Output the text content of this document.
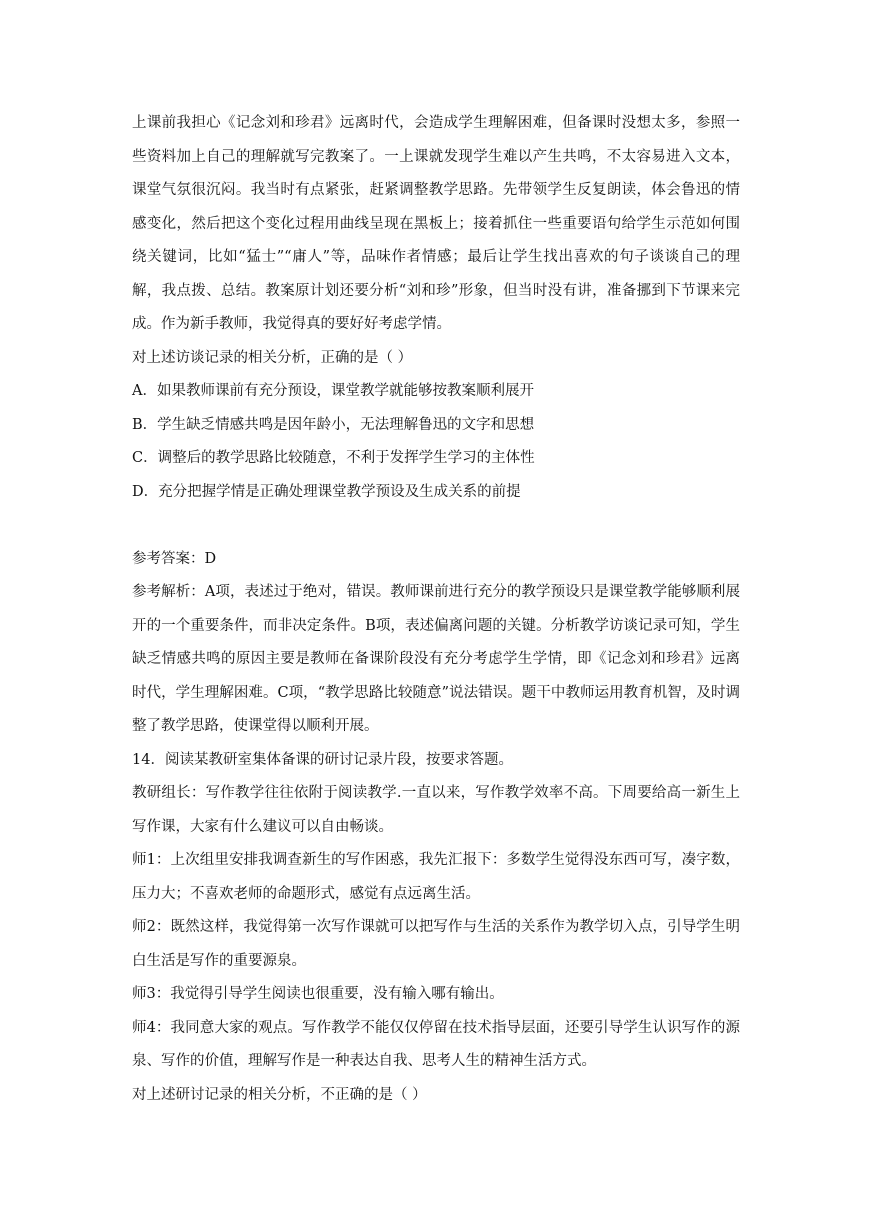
上课前我担心《记念刘和珍君》远离时代，会造成学生理解困难，但备课时没想太多，参照一些资料加上自己的理解就写完教案了。一上课就发现学生难以产生共鸣，不太容易进入文本，课堂气氛很沉闷。我当时有点紧张，赶紧调整教学思路。先带领学生反复朗读，体会鲁迅的情感变化，然后把这个变化过程用曲线呈现在黑板上；接着抓住一些重要语句给学生示范如何围绕关键词，比如“猛士”“庸人”等，品味作者情感；最后让学生找出喜欢的句子谈谈自己的理解，我点拨、总结。教案原计划还要分析“刘和珍”形象，但当时没有讲，准备挪到下节课来完成。作为新手教师，我觉得真的要好好考虑学情。

对上述访谈记录的相关分析，正确的是（ ）

A．如果教师课前有充分预设，课堂教学就能够按教案顺利展开

B．学生缺乏情感共鸣是因年龄小，无法理解鲁迅的文字和思想

C．调整后的教学思路比较随意，不利于发挥学生学习的主体性

D．充分把握学情是正确处理课堂教学预设及生成关系的前提

参考答案：D

参考解析：A项，表述过于绝对，错误。教师课前进行充分的教学预设只是课堂教学能够顺利展开的一个重要条件，而非决定条件。B项，表述偏离问题的关键。分析教学访谈记录可知，学生缺乏情感共鸣的原因主要是教师在备课阶段没有充分考虑学生学情，即《记念刘和珍君》远离时代，学生理解困难。C项，“教学思路比较随意”说法错误。题干中教师运用教育机智，及时调整了教学思路，使课堂得以顺利开展。

14．阅读某教研室集体备课的研讨记录片段，按要求答题。

教研组长：写作教学往往依附于阅读教学.一直以来，写作教学效率不高。下周要给高一新生上写作课，大家有什么建议可以自由畅谈。

师1：上次组里安排我调查新生的写作困惑，我先汇报下：多数学生觉得没东西可写，凑字数，压力大；不喜欢老师的命题形式，感觉有点远离生活。

师2：既然这样，我觉得第一次写作课就可以把写作与生活的关系作为教学切入点，引导学生明白生活是写作的重要源泉。

师3：我觉得引导学生阅读也很重要，没有输入哪有输出。

师4：我同意大家的观点。写作教学不能仅仅停留在技术指导层面，还要引导学生认识写作的源泉、写作的价值，理解写作是一种表达自我、思考人生的精神生活方式。

对上述研讨记录的相关分析，不正确的是（ ）
